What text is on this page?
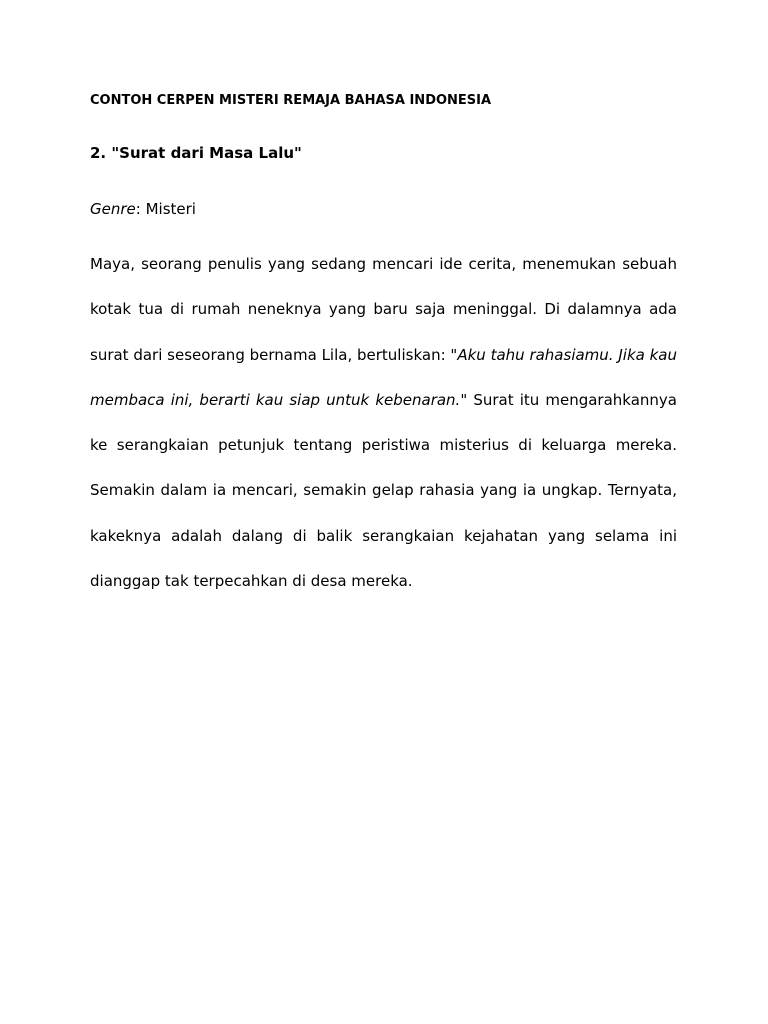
CONTOH CERPEN MISTERI REMAJA BAHASA INDONESIA
2. "Surat dari Masa Lalu"
Genre: Misteri

Maya, seorang penulis yang sedang mencari ide cerita, menemukan sebuah kotak tua di rumah neneknya yang baru saja meninggal. Di dalamnya ada surat dari seseorang bernama Lila, bertuliskan: "Aku tahu rahasiamu. Jika kau membaca ini, berarti kau siap untuk kebenaran." Surat itu mengarahkannya ke serangkaian petunjuk tentang peristiwa misterius di keluarga mereka. Semakin dalam ia mencari, semakin gelap rahasia yang ia ungkap. Ternyata, kakeknya adalah dalang di balik serangkaian kejahatan yang selama ini dianggap tak terpecahkan di desa mereka.
